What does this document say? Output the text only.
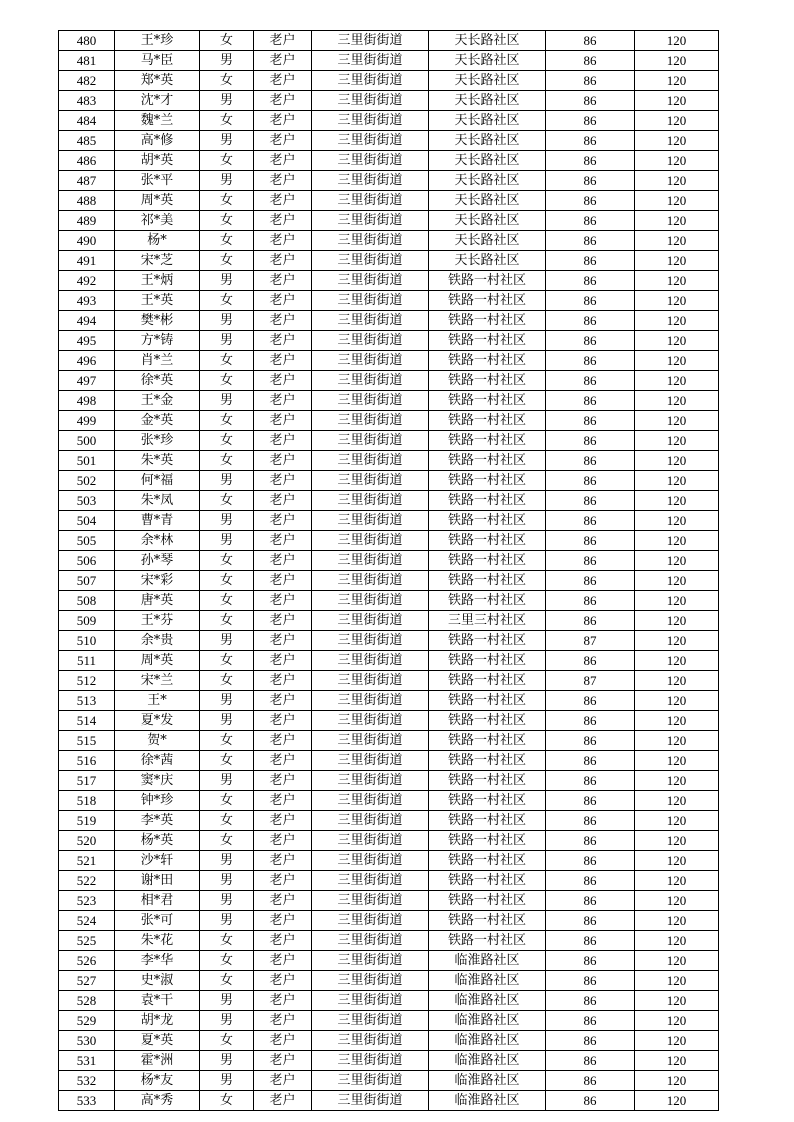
480	王*珍	女	老户	三里街街道	天长路社区	86	120
481	马*臣	男	老户	三里街街道	天长路社区	86	120
482	郑*英	女	老户	三里街街道	天长路社区	86	120
483	沈*才	男	老户	三里街街道	天长路社区	86	120
484	魏*兰	女	老户	三里街街道	天长路社区	86	120
485	高*修	男	老户	三里街街道	天长路社区	86	120
486	胡*英	女	老户	三里街街道	天长路社区	86	120
487	张*平	男	老户	三里街街道	天长路社区	86	120
488	周*英	女	老户	三里街街道	天长路社区	86	120
489	祁*美	女	老户	三里街街道	天长路社区	86	120
490	杨*	女	老户	三里街街道	天长路社区	86	120
491	宋*芝	女	老户	三里街街道	天长路社区	86	120
492	王*炳	男	老户	三里街街道	铁路一村社区	86	120
493	王*英	女	老户	三里街街道	铁路一村社区	86	120
494	樊*彬	男	老户	三里街街道	铁路一村社区	86	120
495	方*铸	男	老户	三里街街道	铁路一村社区	86	120
496	肖*兰	女	老户	三里街街道	铁路一村社区	86	120
497	徐*英	女	老户	三里街街道	铁路一村社区	86	120
498	王*金	男	老户	三里街街道	铁路一村社区	86	120
499	金*英	女	老户	三里街街道	铁路一村社区	86	120
500	张*珍	女	老户	三里街街道	铁路一村社区	86	120
501	朱*英	女	老户	三里街街道	铁路一村社区	86	120
502	何*福	男	老户	三里街街道	铁路一村社区	86	120
503	朱*凤	女	老户	三里街街道	铁路一村社区	86	120
504	曹*青	男	老户	三里街街道	铁路一村社区	86	120
505	余*林	男	老户	三里街街道	铁路一村社区	86	120
506	孙*琴	女	老户	三里街街道	铁路一村社区	86	120
507	宋*彩	女	老户	三里街街道	铁路一村社区	86	120
508	唐*英	女	老户	三里街街道	铁路一村社区	86	120
509	王*芬	女	老户	三里街街道	三里三村社区	86	120
510	余*贵	男	老户	三里街街道	铁路一村社区	87	120
511	周*英	女	老户	三里街街道	铁路一村社区	86	120
512	宋*兰	女	老户	三里街街道	铁路一村社区	87	120
513	王*	男	老户	三里街街道	铁路一村社区	86	120
514	夏*发	男	老户	三里街街道	铁路一村社区	86	120
515	贺*	女	老户	三里街街道	铁路一村社区	86	120
516	徐*茜	女	老户	三里街街道	铁路一村社区	86	120
517	窦*庆	男	老户	三里街街道	铁路一村社区	86	120
518	钟*珍	女	老户	三里街街道	铁路一村社区	86	120
519	李*英	女	老户	三里街街道	铁路一村社区	86	120
520	杨*英	女	老户	三里街街道	铁路一村社区	86	120
521	沙*轩	男	老户	三里街街道	铁路一村社区	86	120
522	谢*田	男	老户	三里街街道	铁路一村社区	86	120
523	相*君	男	老户	三里街街道	铁路一村社区	86	120
524	张*可	男	老户	三里街街道	铁路一村社区	86	120
525	朱*花	女	老户	三里街街道	铁路一村社区	86	120
526	李*华	女	老户	三里街街道	临淮路社区	86	120
527	史*淑	女	老户	三里街街道	临淮路社区	86	120
528	袁*干	男	老户	三里街街道	临淮路社区	86	120
529	胡*龙	男	老户	三里街街道	临淮路社区	86	120
530	夏*英	女	老户	三里街街道	临淮路社区	86	120
531	霍*洲	男	老户	三里街街道	临淮路社区	86	120
532	杨*友	男	老户	三里街街道	临淮路社区	86	120
533	高*秀	女	老户	三里街街道	临淮路社区	86	120
